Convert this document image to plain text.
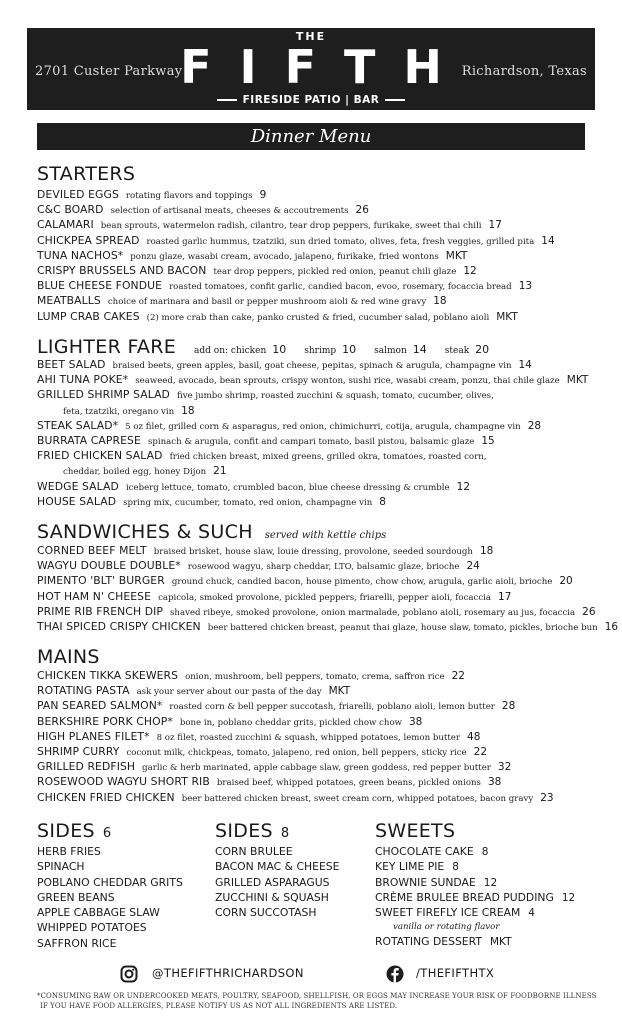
2701 Custer Parkway
THE
FIFTH
FIRESIDE PATIO | BAR
Richardson, Texas
Dinner Menu
STARTERS
DEVILED EGGS rotating flavors and toppings 9
C&C BOARD selection of artisanal meats, cheeses & accoutrements 26
CALAMARI bean sprouts, watermelon radish, cilantro, tear drop peppers, furikake, sweet thai chili 17
CHICKPEA SPREAD roasted garlic hummus, tzatziki, sun dried tomato, olives, feta, fresh veggies, grilled pita 14
TUNA NACHOS* ponzu glaze, wasabi cream, avocado, jalapeno, furikake, fried wontons MKT
CRISPY BRUSSELS AND BACON tear drop peppers, pickled red onion, peanut chili glaze 12
BLUE CHEESE FONDUE roasted tomatoes, confit garlic, candied bacon, evoo, rosemary, focaccia bread 13
MEATBALLS choice of marinara and basil or pepper mushroom aioli & red wine gravy 18
LUMP CRAB CAKES (2) more crab than cake, panko crusted & fried, cucumber salad, poblano aioli MKT
LIGHTER FARE add on: chicken 10 shrimp 10 salmon 14 steak 20
BEET SALAD braised beets, green apples, basil, goat cheese, pepitas, spinach & arugula, champagne vin 14
AHI TUNA POKE* seaweed, avocado, bean sprouts, crispy wonton, sushi rice, wasabi cream, ponzu, thai chile glaze MKT
GRILLED SHRIMP SALAD five jumbo shrimp, roasted zucchini & squash, tomato, cucumber, olives,
feta, tzatziki, oregano vin 18
STEAK SALAD* 5 oz filet, grilled corn & asparagus, red onion, chimichurri, cotija, arugula, champagne vin 28
BURRATA CAPRESE spinach & arugula, confit and campari tomato, basil pistou, balsamic glaze 15
FRIED CHICKEN SALAD fried chicken breast, mixed greens, grilled okra, tomatoes, roasted corn,
cheddar, boiled egg, honey Dijon 21
WEDGE SALAD iceberg lettuce, tomato, crumbled bacon, blue cheese dressing & crumble 12
HOUSE SALAD spring mix, cucumber, tomato, red onion, champagne vin 8
SANDWICHES & SUCH served with kettle chips
CORNED BEEF MELT braised brisket, house slaw, louie dressing, provolone, seeded sourdough 18
WAGYU DOUBLE DOUBLE* rosewood wagyu, sharp cheddar, LTO, balsamic glaze, brioche 24
PIMENTO 'BLT' BURGER ground chuck, candied bacon, house pimento, chow chow, arugula, garlic aioli, brioche 20
HOT HAM N' CHEESE capicola, smoked provolone, pickled peppers, friarelli, pepper aioli, focaccia 17
PRIME RIB FRENCH DIP shaved ribeye, smoked provolone, onion marmalade, poblano aioli, rosemary au jus, focaccia 26
THAI SPICED CRISPY CHICKEN beer battered chicken breast, peanut thai glaze, house slaw, tomato, pickles, brioche bun 16
MAINS
CHICKEN TIKKA SKEWERS onion, mushroom, bell peppers, tomato, crema, saffron rice 22
ROTATING PASTA ask your server about our pasta of the day MKT
PAN SEARED SALMON* roasted corn & bell pepper succotash, friarelli, poblano aioli, lemon butter 28
BERKSHIRE PORK CHOP* bone in, poblano cheddar grits, pickled chow chow 38
HIGH PLANES FILET* 8 oz filet, roasted zucchini & squash, whipped potatoes, lemon butter 48
SHRIMP CURRY coconut milk, chickpeas, tomato, jalapeno, red onion, bell peppers, sticky rice 22
GRILLED REDFISH garlic & herb marinated, apple cabbage slaw, green goddess, red pepper butter 32
ROSEWOOD WAGYU SHORT RIB braised beef, whipped potatoes, green beans, pickled onions 38
CHICKEN FRIED CHICKEN beer battered chicken breast, sweet cream corn, whipped potatoes, bacon gravy 23
SIDES 6
HERB FRIES
SPINACH
POBLANO CHEDDAR GRITS
GREEN BEANS
APPLE CABBAGE SLAW
WHIPPED POTATOES
SAFFRON RICE
SIDES 8
CORN BRULEE
BACON MAC & CHEESE
GRILLED ASPARAGUS
ZUCCHINI & SQUASH
CORN SUCCOTASH
SWEETS
CHOCOLATE CAKE 8
KEY LIME PIE 8
BROWNIE SUNDAE 12
CRÈME BRULEE BREAD PUDDING 12
SWEET FIREFLY ICE CREAM 4
vanilla or rotating flavor
ROTATING DESSERT MKT
@THEFIFTHRICHARDSON	/THEFIFTHTX
*CONSUMING RAW OR UNDERCOOKED MEATS, POULTRY, SEAFOOD, SHELLFISH, OR EGGS MAY INCREASE YOUR RISK OF FOODBORNE ILLNESS
IF YOU HAVE FOOD ALLERGIES, PLEASE NOTIFY US AS NOT ALL INGREDIENTS ARE LISTED.
